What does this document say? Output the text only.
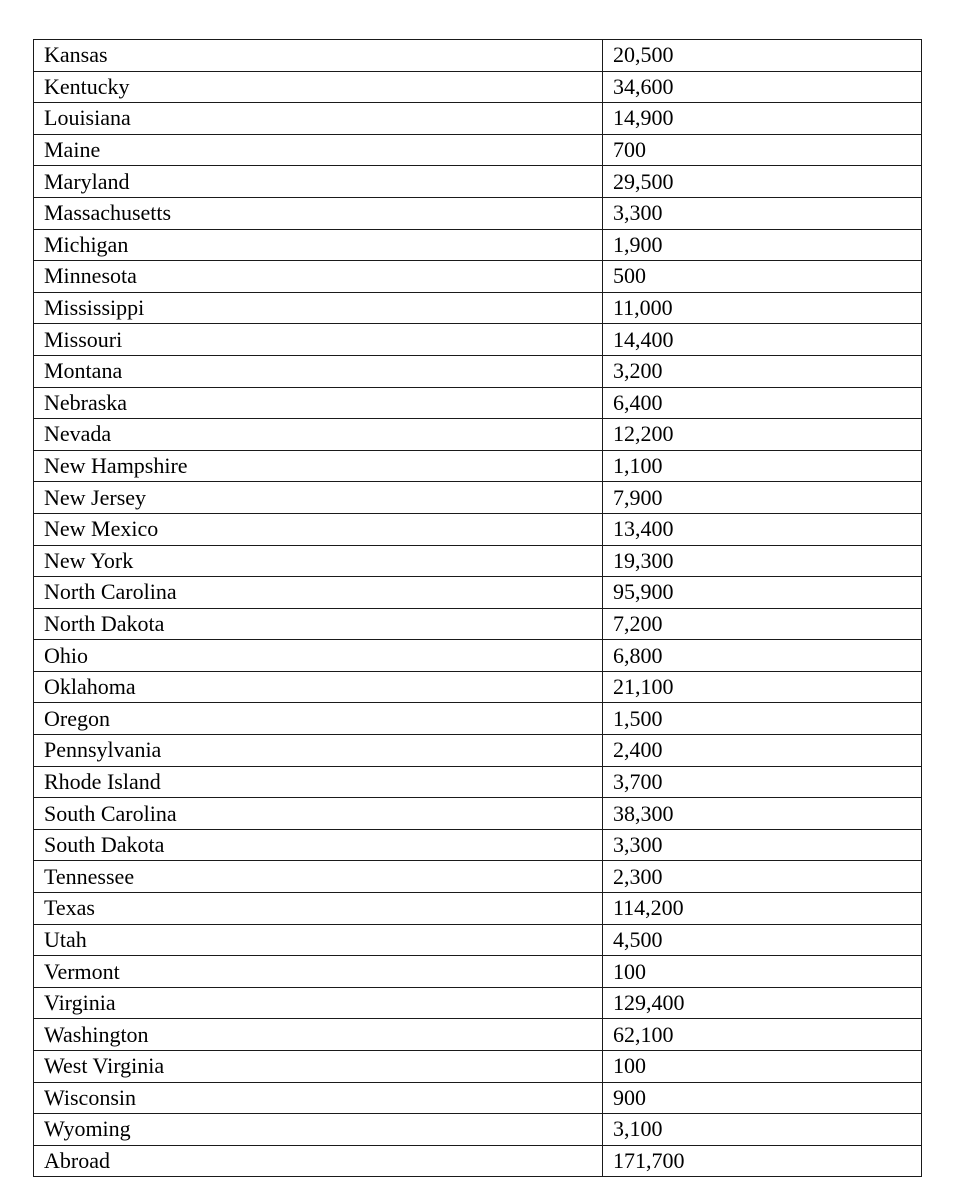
Kansas	20,500
Kentucky	34,600
Louisiana	14,900
Maine	700
Maryland	29,500
Massachusetts	3,300
Michigan	1,900
Minnesota	500
Mississippi	11,000
Missouri	14,400
Montana	3,200
Nebraska	6,400
Nevada	12,200
New Hampshire	1,100
New Jersey	7,900
New Mexico	13,400
New York	19,300
North Carolina	95,900
North Dakota	7,200
Ohio	6,800
Oklahoma	21,100
Oregon	1,500
Pennsylvania	2,400
Rhode Island	3,700
South Carolina	38,300
South Dakota	3,300
Tennessee	2,300
Texas	114,200
Utah	4,500
Vermont	100
Virginia	129,400
Washington	62,100
West Virginia	100
Wisconsin	900
Wyoming	3,100
Abroad	171,700
